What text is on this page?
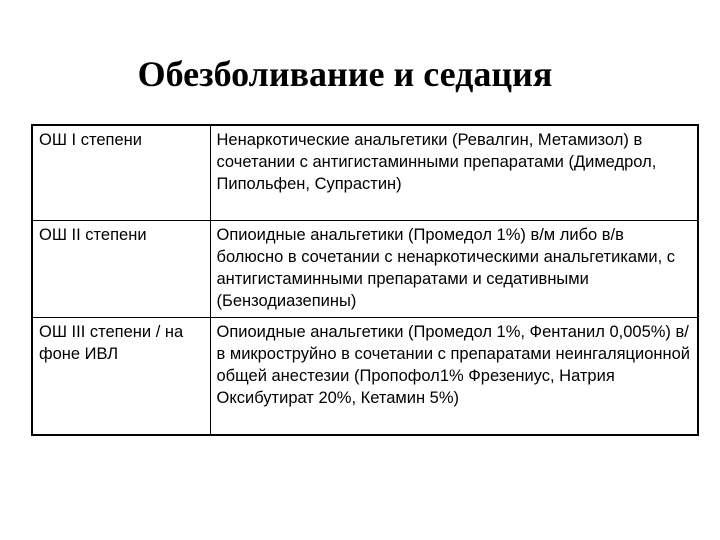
Обезболивание и седация
ОШ I степени	Ненаркотические анальгетики (Ревалгин, Метамизол) в сочетании с антигистаминными препаратами (Димедрол, Пипольфен, Супрастин)
ОШ II степени	Опиоидные анальгетики (Промедол 1%) в/м либо в/в болюсно в сочетании с ненаркотическими анальгетиками, с антигистаминными препаратами и седативными (Бензодиазепины)
ОШ III степени / на фоне ИВЛ	Опиоидные анальгетики (Промедол 1%, Фентанил 0,005%) в/в микроструйно в сочетании с препаратами неингаляционной общей анестезии (Пропофол1% Фрезениус, Натрия Оксибутират 20%, Кетамин 5%)
